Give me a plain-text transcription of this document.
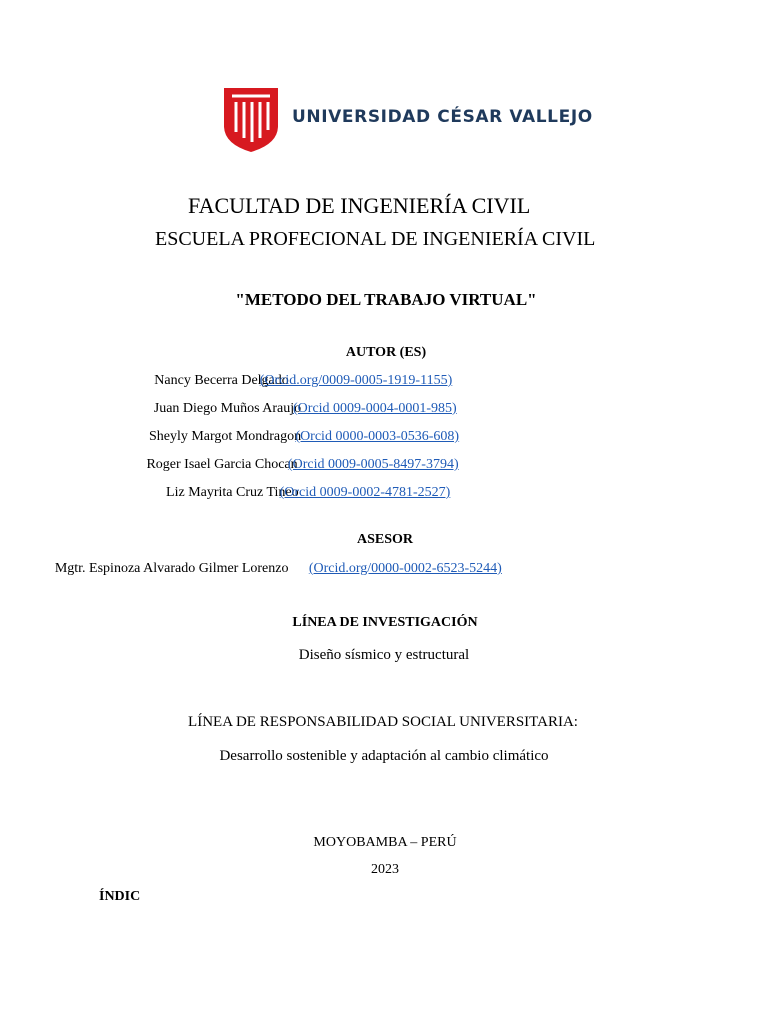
UNIVERSIDAD CÉSAR VALLEJO
FACULTAD DE INGENIERÍA CIVIL
ESCUELA PROFECIONAL DE INGENIERÍA CIVIL
"METODO DEL TRABAJO VIRTUAL"
AUTOR (ES)
Nancy Becerra Delgado(Orcid.org/0009-0005-1919-1155)
Juan Diego Muños Araujo(Orcid 0009-0004-0001-985)
Sheyly Margot Mondragon(Orcid 0000-0003-0536-608)
Roger Isael Garcia Chocan(Orcid 0009-0005-8497-3794)
Liz Mayrita Cruz Tineo(Orcid 0009-0002-4781-2527)
ASESOR
Mgtr. Espinoza Alvarado Gilmer Lorenzo(Orcid.org/0000-0002-6523-5244)
LÍNEA DE INVESTIGACIÓN
Diseño sísmico y estructural
LÍNEA DE RESPONSABILIDAD SOCIAL UNIVERSITARIA:
Desarrollo sostenible y adaptación al cambio climático
MOYOBAMBA – PERÚ
2023
ÍNDIC
